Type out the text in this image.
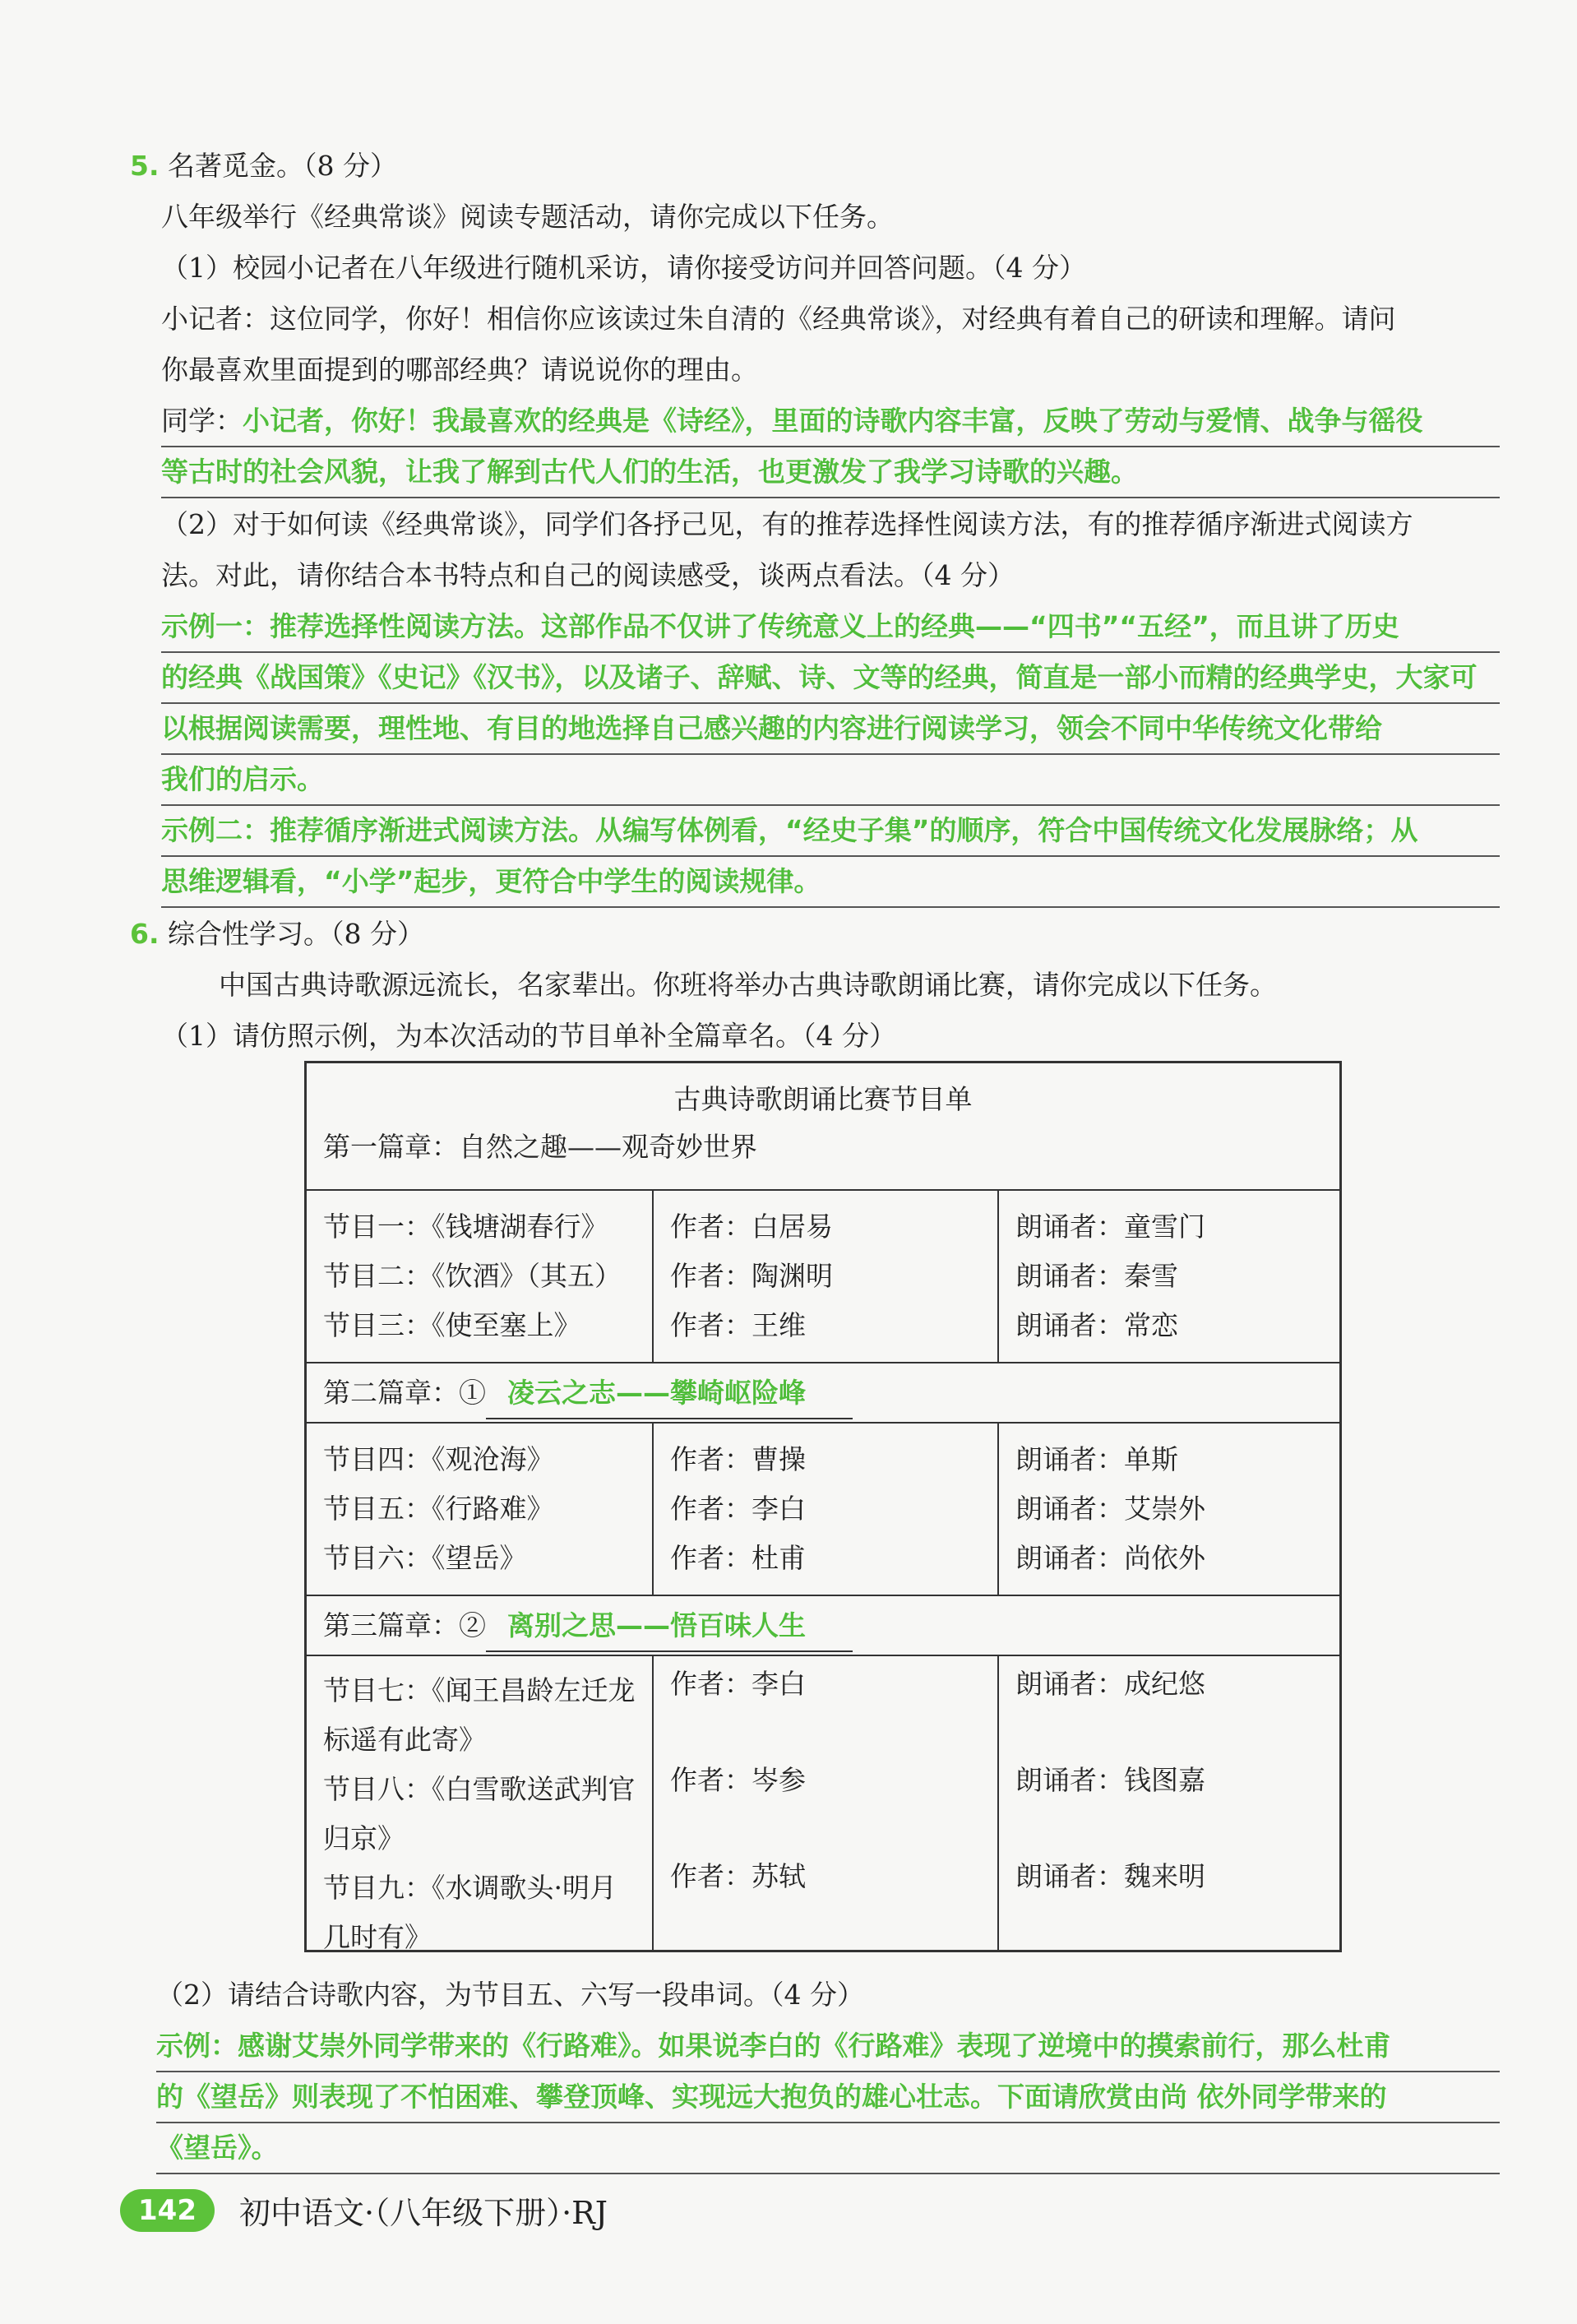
5. 名著觅金。（8 分）
八年级举行《经典常谈》阅读专题活动，请你完成以下任务。
（1）校园小记者在八年级进行随机采访，请你接受访问并回答问题。（4 分）
小记者：这位同学，你好！相信你应该读过朱自清的《经典常谈》，对经典有着自己的研读和理解。请问
你最喜欢里面提到的哪部经典？请说说你的理由。
同学：小记者，你好！我最喜欢的经典是《诗经》，里面的诗歌内容丰富，反映了劳动与爱情、战争与徭役
等古时的社会风貌，让我了解到古代人们的生活，也更激发了我学习诗歌的兴趣。
（2）对于如何读《经典常谈》，同学们各抒己见，有的推荐选择性阅读方法，有的推荐循序渐进式阅读方
法。对此，请你结合本书特点和自己的阅读感受，谈两点看法。（4 分）
示例一：推荐选择性阅读方法。这部作品不仅讲了传统意义上的经典——“四书”“五经”，而且讲了历史
的经典《战国策》《史记》《汉书》，以及诸子、辞赋、诗、文等的经典，简直是一部小而精的经典学史，大家可
以根据阅读需要，理性地、有目的地选择自己感兴趣的内容进行阅读学习，领会不同中华传统文化带给
我们的启示。
示例二：推荐循序渐进式阅读方法。从编写体例看，“经史子集”的顺序，符合中国传统文化发展脉络；从
思维逻辑看，“小学”起步，更符合中学生的阅读规律。
6. 综合性学习。（8 分）
中国古典诗歌源远流长，名家辈出。你班将举办古典诗歌朗诵比赛，请你完成以下任务。
（1）请仿照示例，为本次活动的节目单补全篇章名。（4 分）
古典诗歌朗诵比赛节目单
第一篇章：自然之趣——观奇妙世界
节目一：《钱塘湖春行》
节目二：《饮酒》（其五）
节目三：《使至塞上》
作者：白居易
作者：陶渊明
作者：王维
朗诵者：童雪门
朗诵者：秦雪
朗诵者：常恋
第二篇章：① 凌云之志——攀崎岖险峰
节目四：《观沧海》
节目五：《行路难》
节目六：《望岳》
作者：曹操
作者：李白
作者：杜甫
朗诵者：单斯
朗诵者：艾崇外
朗诵者：尚依外
第三篇章：② 离别之思——悟百味人生
节目七：《闻王昌龄左迁龙
标遥有此寄》
节目八：《白雪歌送武判官
归京》
节目九：《水调歌头·明月
几时有》
作者：李白
作者：岑参
作者：苏轼
朗诵者：成纪悠
朗诵者：钱图嘉
朗诵者：魏来明
（2）请结合诗歌内容，为节目五、六写一段串词。（4 分）
示例：感谢艾崇外同学带来的《行路难》。如果说李白的《行路难》表现了逆境中的摸索前行，那么杜甫
的《望岳》则表现了不怕困难、攀登顶峰、实现远大抱负的雄心壮志。下面请欣赏由尚 依外同学带来的
《望岳》。
142	初中语文·（八年级下册）·RJ
